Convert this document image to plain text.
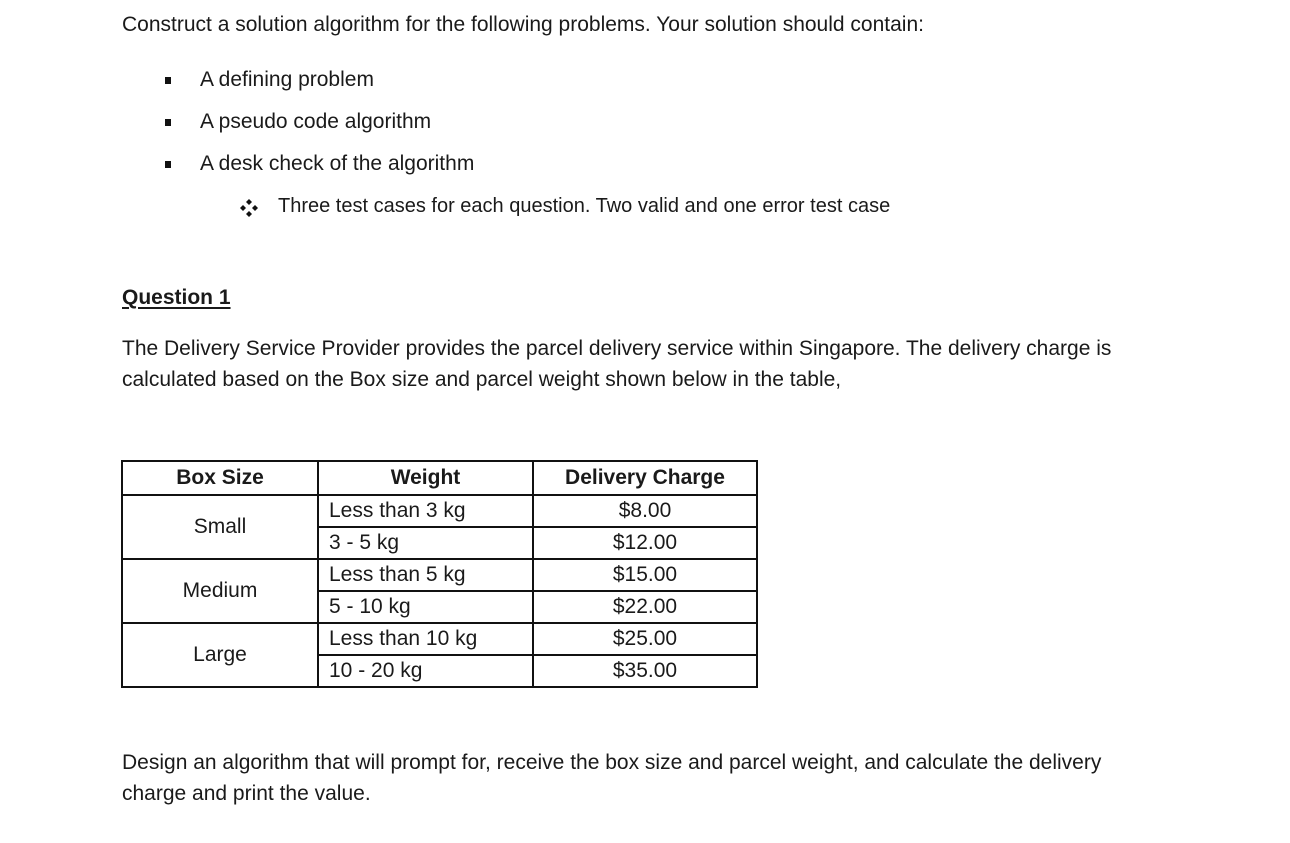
Construct a solution algorithm for the following problems. Your solution should contain:
A defining problem
A pseudo code algorithm
A desk check of the algorithm
Three test cases for each question. Two valid and one error test case
Question 1
The Delivery Service Provider provides the parcel delivery service within Singapore. The delivery charge is
calculated based on the Box size and parcel weight shown below in the table,
Box Size	Weight	Delivery Charge
Small	Less than 3 kg	$8.00
	3 - 5 kg	$12.00
Medium	Less than 5 kg	$15.00
	5 - 10 kg	$22.00
Large	Less than 10 kg	$25.00
	10 - 20 kg	$35.00
Design an algorithm that will prompt for, receive the box size and parcel weight, and calculate the delivery
charge and print the value.
